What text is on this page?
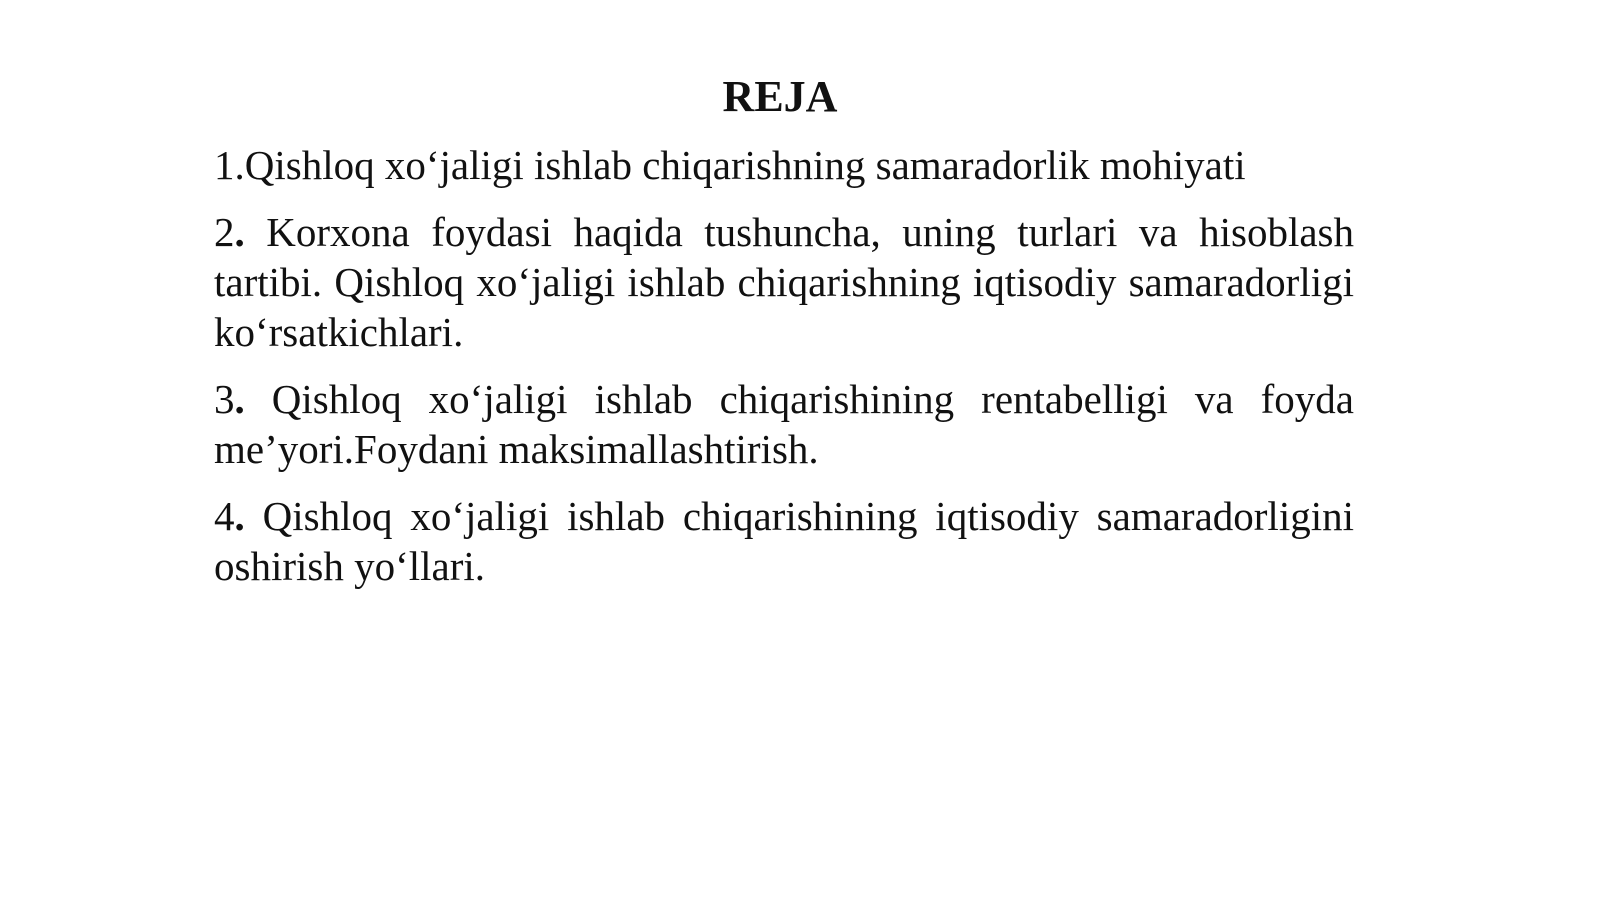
REJA
1.Qishloq xo‘jaligi ishlab chiqarishning samaradorlik mohiyati
2. Korxona foydasi haqida tushuncha, uning turlari va hisoblash tartibi. Qishloq xo‘jaligi ishlab chiqarishning iqtisodiy samaradorligi ko‘rsatkichlari.
3. Qishloq xo‘jaligi ishlab chiqarishining rentabelligi va foyda me’yori.Foydani maksimallashtirish.
4. Qishloq xo‘jaligi ishlab chiqarishining iqtisodiy samaradorligini oshirish yo‘llari.
